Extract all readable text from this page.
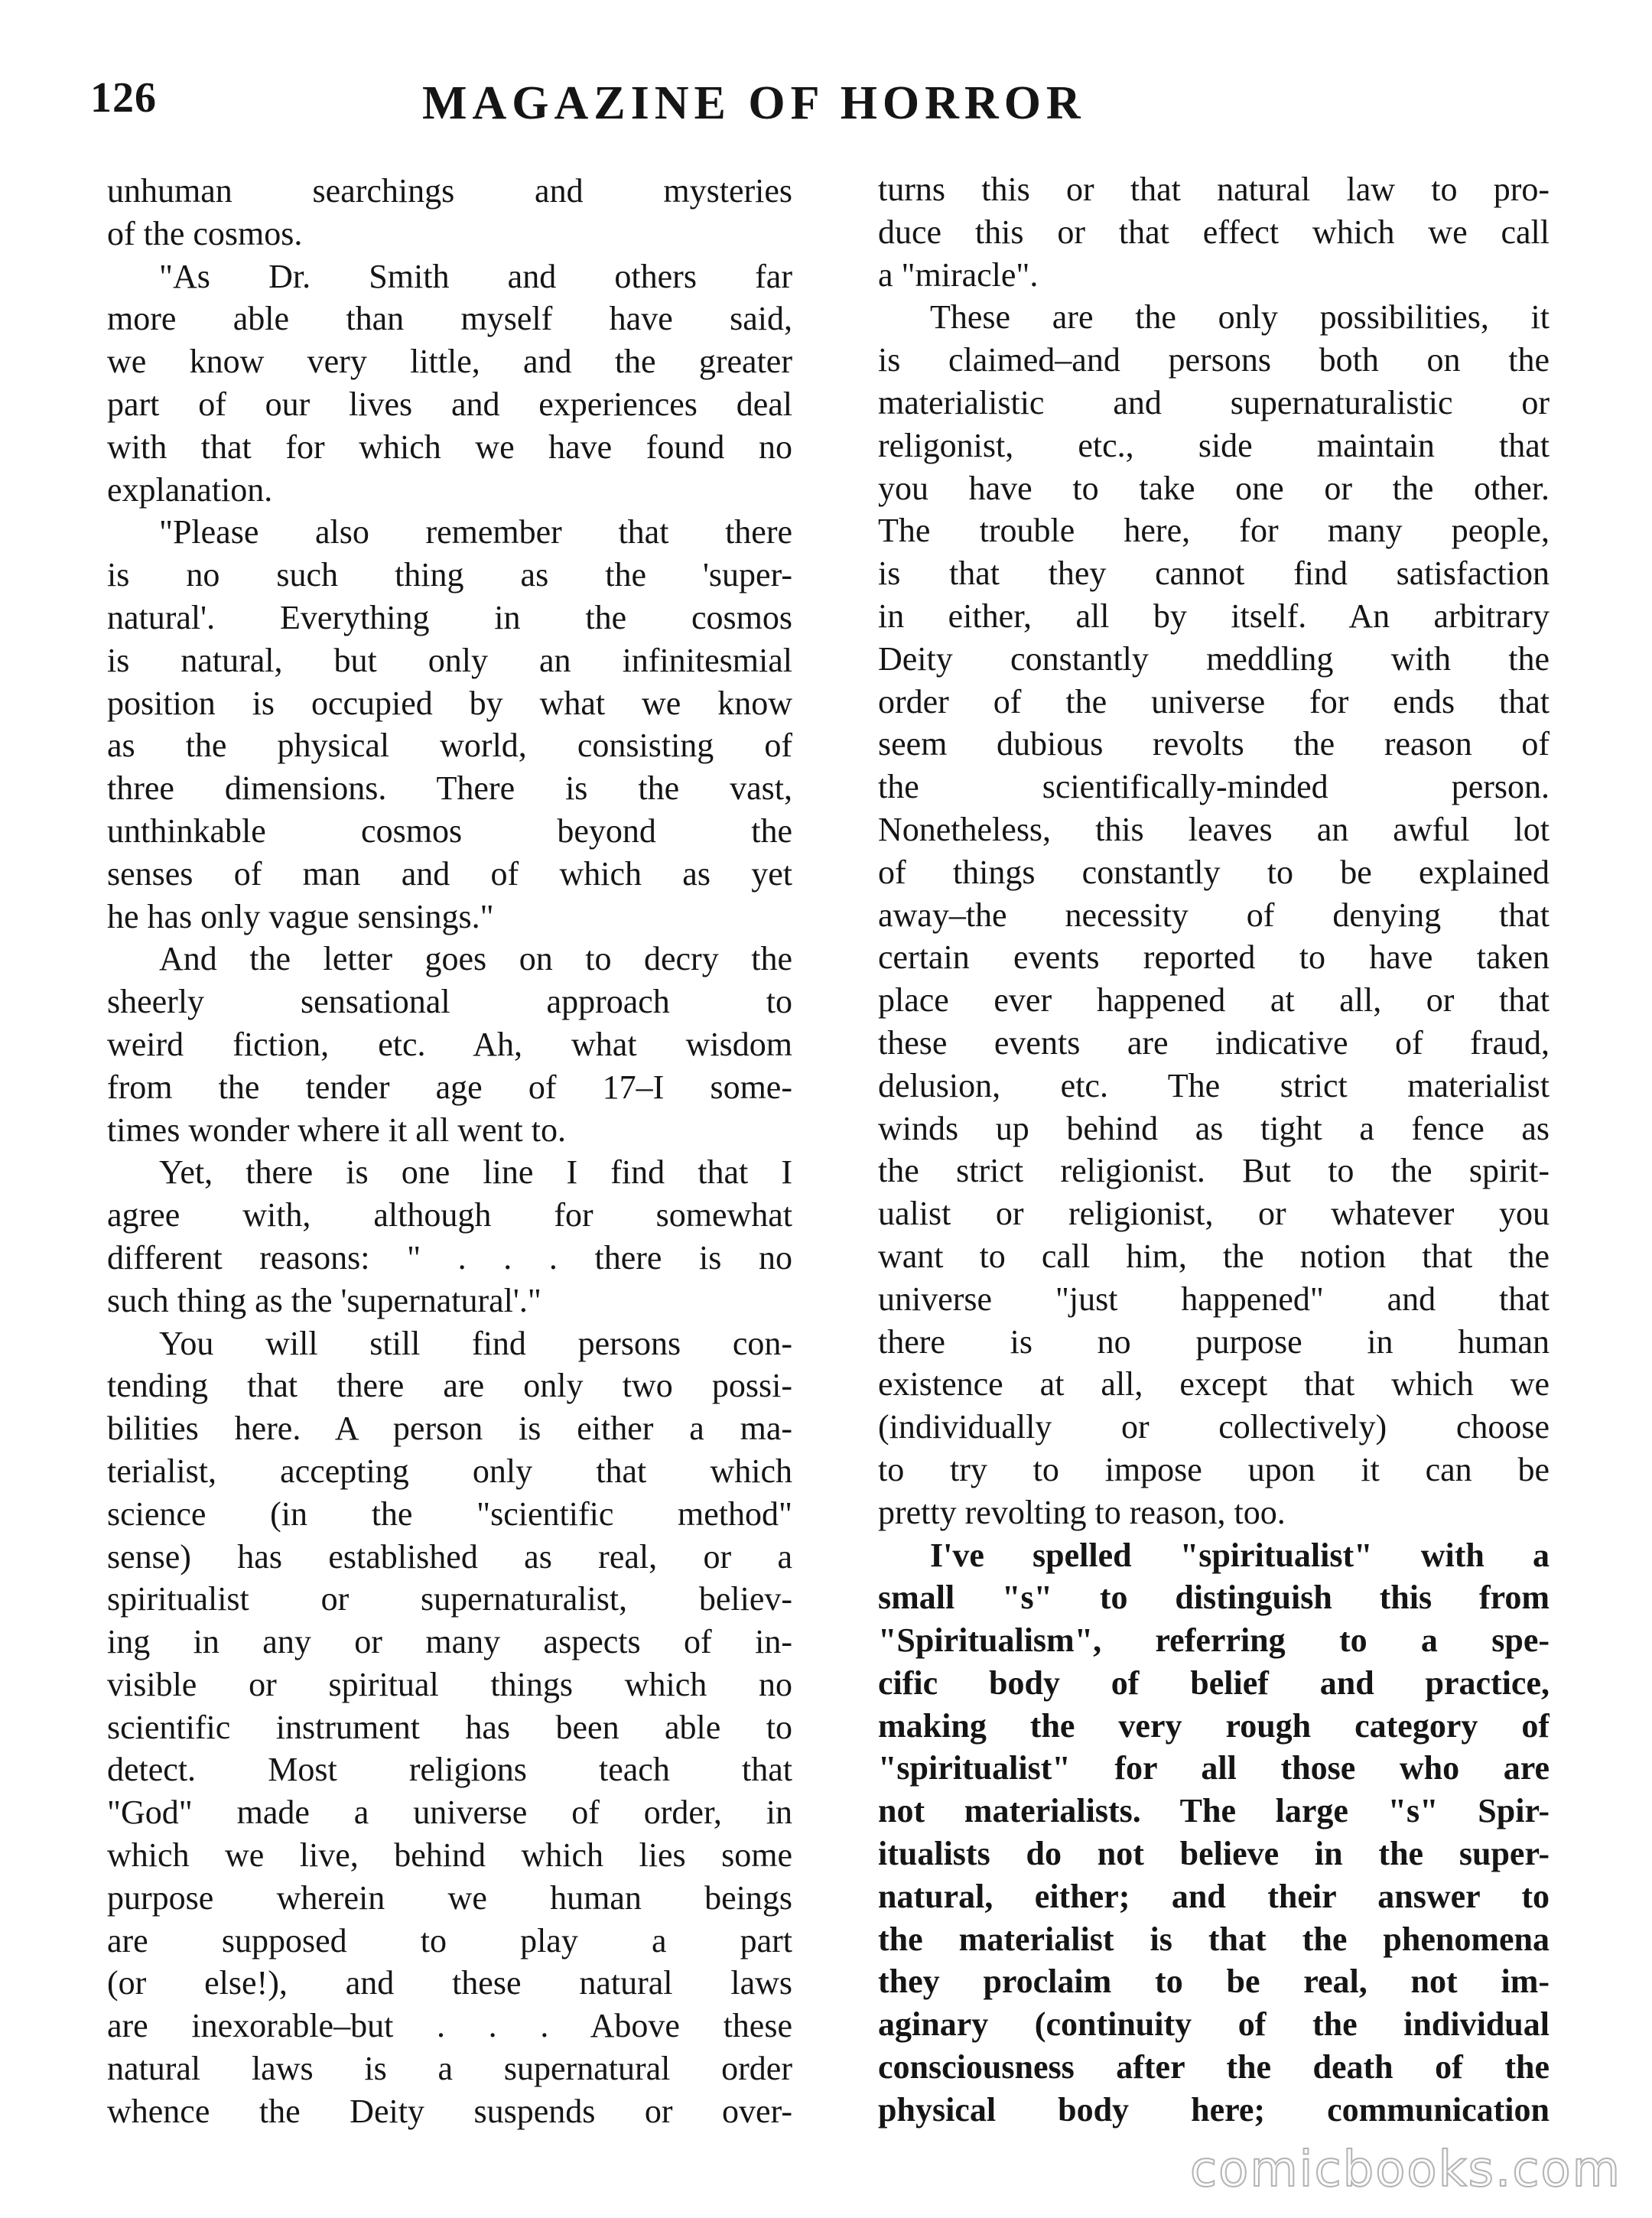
126	MAGAZINE OF HORROR
unhuman searchings and mysteries
of the cosmos.
"As Dr. Smith and others far
more able than myself have said,
we know very little, and the greater
part of our lives and experiences deal
with that for which we have found no
explanation.
"Please also remember that there
is no such thing as the 'super-
natural'. Everything in the cosmos
is natural, but only an infinitesmial
position is occupied by what we know
as the physical world, consisting of
three dimensions. There is the vast,
unthinkable cosmos beyond the
senses of man and of which as yet
he has only vague sensings."
And the letter goes on to decry the
sheerly sensational approach to
weird fiction, etc. Ah, what wisdom
from the tender age of 17–I some-
times wonder where it all went to.
Yet, there is one line I find that I
agree with, although for somewhat
different reasons: " . . . there is no
such thing as the 'supernatural'."
You will still find persons con-
tending that there are only two possi-
bilities here. A person is either a ma-
terialist, accepting only that which
science (in the "scientific method"
sense) has established as real, or a
spiritualist or supernaturalist, believ-
ing in any or many aspects of in-
visible or spiritual things which no
scientific instrument has been able to
detect. Most religions teach that
"God" made a universe of order, in
which we live, behind which lies some
purpose wherein we human beings
are supposed to play a part
(or else!), and these natural laws
are inexorable–but . . . Above these
natural laws is a supernatural order
whence the Deity suspends or over-
turns this or that natural law to pro-
duce this or that effect which we call
a "miracle".
These are the only possibilities, it
is claimed–and persons both on the
materialistic and supernaturalistic or
religonist, etc., side maintain that
you have to take one or the other.
The trouble here, for many people,
is that they cannot find satisfaction
in either, all by itself. An arbitrary
Deity constantly meddling with the
order of the universe for ends that
seem dubious revolts the reason of
the scientifically-minded person.
Nonetheless, this leaves an awful lot
of things constantly to be explained
away–the necessity of denying that
certain events reported to have taken
place ever happened at all, or that
these events are indicative of fraud,
delusion, etc. The strict materialist
winds up behind as tight a fence as
the strict religionist. But to the spirit-
ualist or religionist, or whatever you
want to call him, the notion that the
universe "just happened" and that
there is no purpose in human
existence at all, except that which we
(individually or collectively) choose
to try to impose upon it can be
pretty revolting to reason, too.
I've spelled "spiritualist" with a
small "s" to distinguish this from
"Spiritualism", referring to a spe-
cific body of belief and practice,
making the very rough category of
"spiritualist" for all those who are
not materialists. The large "s" Spir-
itualists do not believe in the super-
natural, either; and their answer to
the materialist is that the phenomena
they proclaim to be real, not im-
aginary (continuity of the individual
consciousness after the death of the
physical body here; communication
comicbooks.com
